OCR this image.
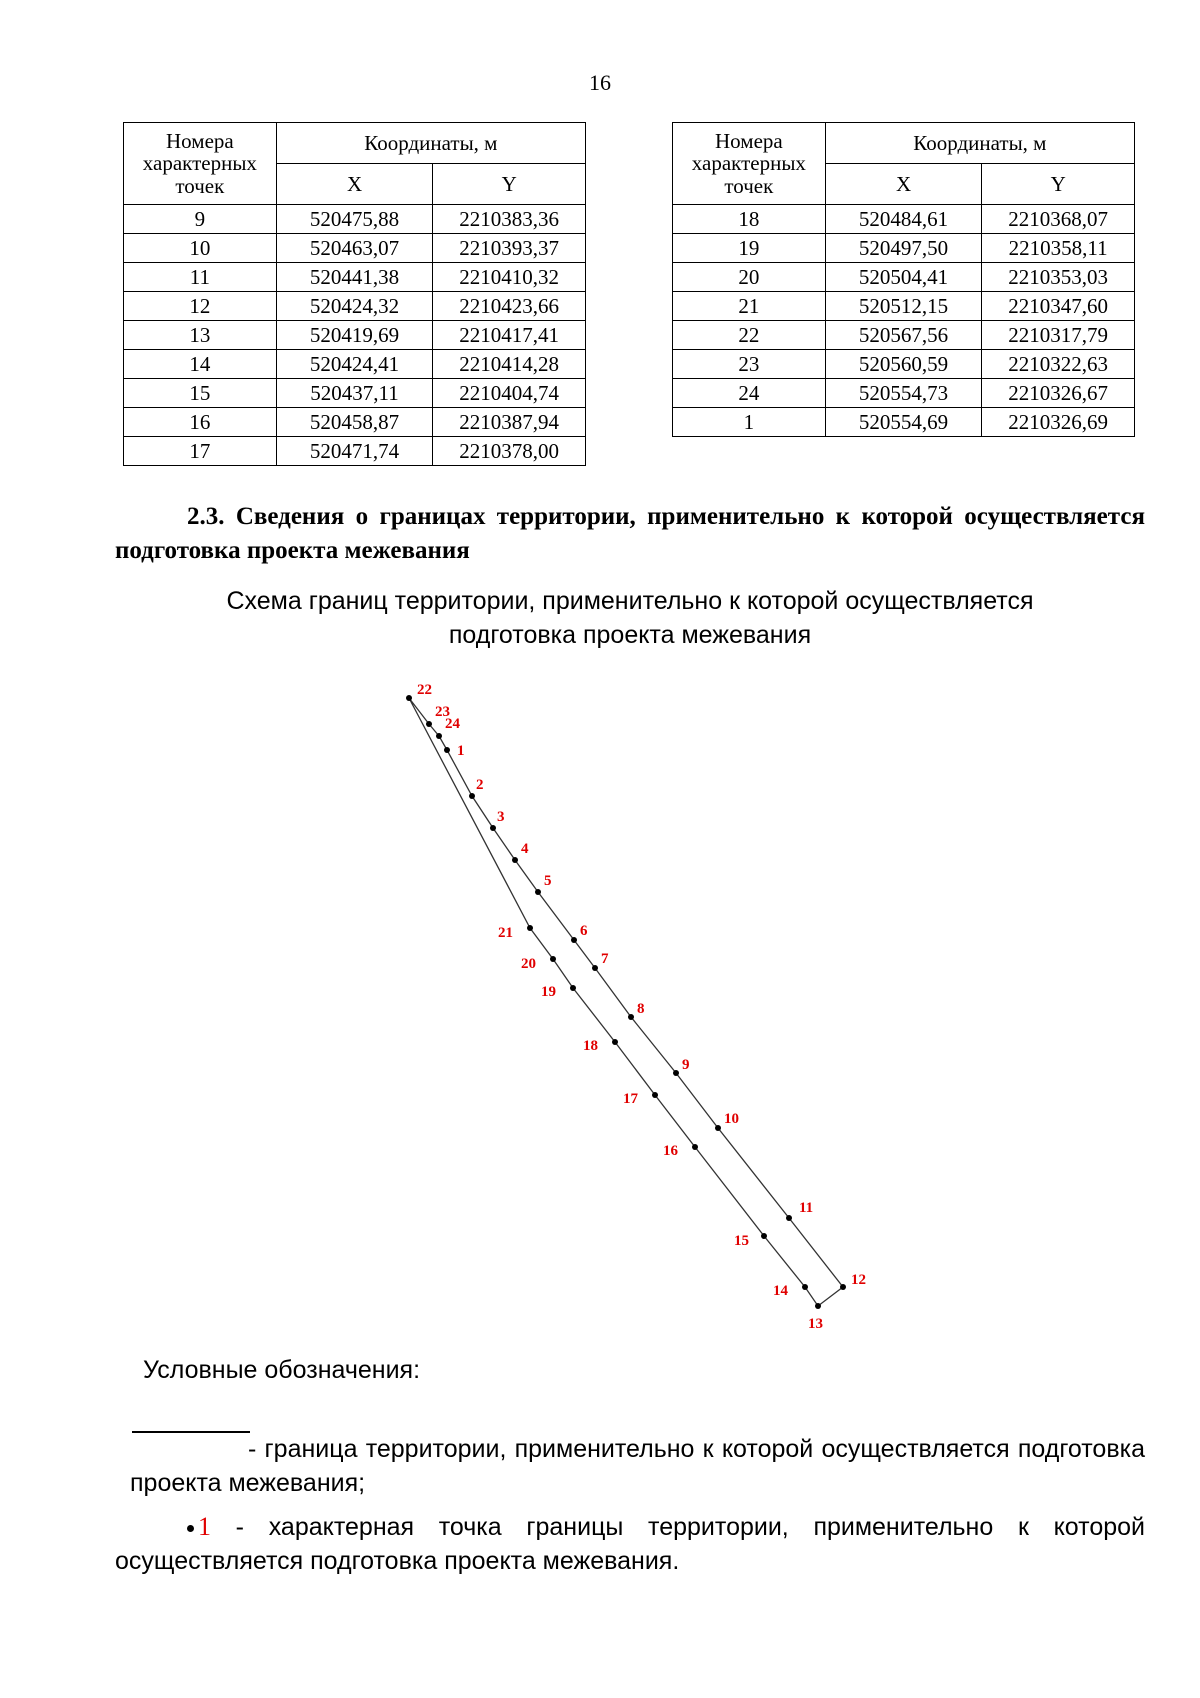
16
Номера характерных точек	Координаты, м	
	X	Y
9	520475,88	2210383,36
10	520463,07	2210393,37
11	520441,38	2210410,32
12	520424,32	2210423,66
13	520419,69	2210417,41
14	520424,41	2210414,28
15	520437,11	2210404,74
16	520458,87	2210387,94
17	520471,74	2210378,00
Номера характерных точек	Координаты, м	
	X	Y
18	520484,61	2210368,07
19	520497,50	2210358,11
20	520504,41	2210353,03
21	520512,15	2210347,60
22	520567,56	2210317,79
23	520560,59	2210322,63
24	520554,73	2210326,67
1	520554,69	2210326,69
2.3. Сведения о границах территории, применительно к которой осуществляется подготовка проекта межевания
Схема границ территории, применительно к которой осуществляется
подготовка проекта межевания
22
23
24
1
2
3
4
5
6
7
8
9
10
11
12
13
14
15
16
17
18
19
20
21
Условные обозначения:
- граница территории, применительно к которой осуществляется подготовка проекта межевания;
1 - характерная точка границы территории, применительно к которой осуществляется подготовка проекта межевания.
